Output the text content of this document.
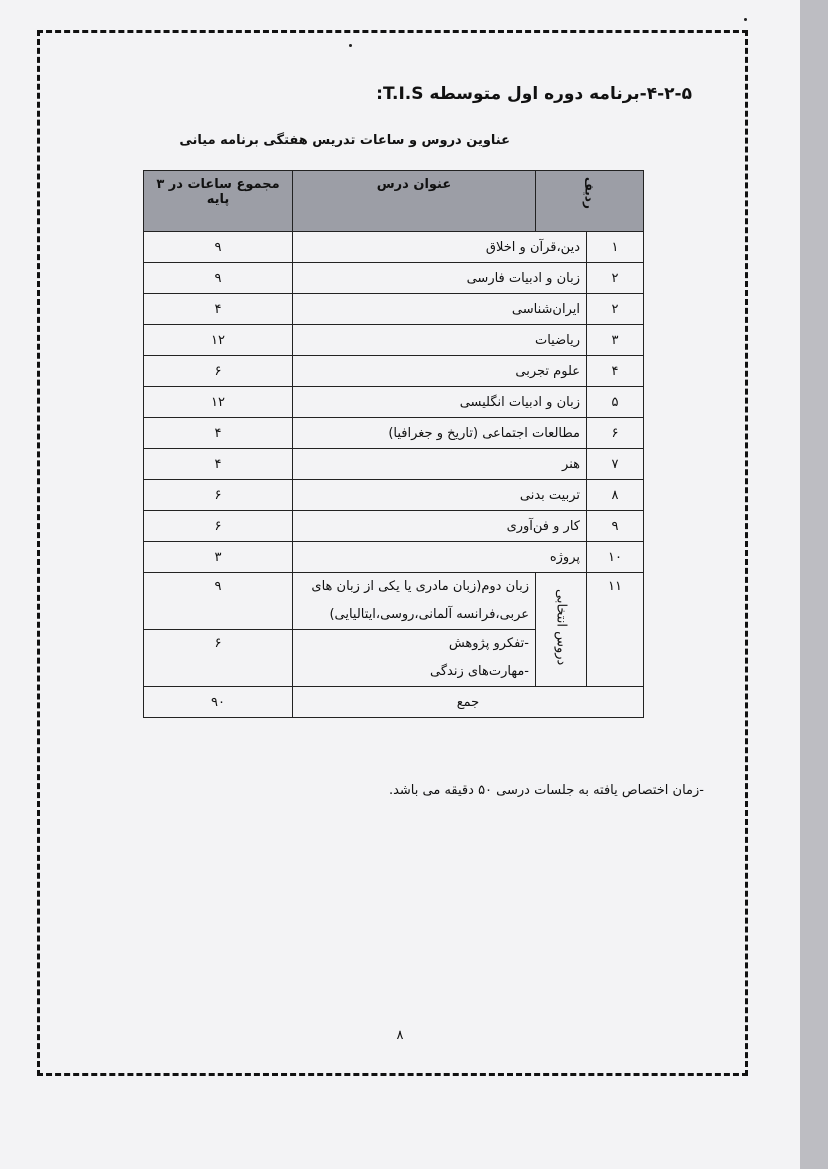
۴-۲-۵-برنامه دوره اول متوسطه T.I.S:
عناوین دروس و ساعات تدریس هفتگی برنامه میانی
ردیف		عنوان درس	مجموع ساعات در ۳ پایه
۱	دین،قرآن و اخلاق		۹
۲	زبان و ادبیات فارسی		۹
۲	ایران‌شناسی		۴
۳	ریاضیات		۱۲
۴	علوم تجربی		۶
۵	زبان و ادبیات انگلیسی		۱۲
۶	مطالعات اجتماعی (تاریخ و جغرافیا)		۴
۷	هنر		۴
۸	تربیت بدنی		۶
۹	کار و فن‌آوری		۶
۱۰	پروژه		۳
۱۱	دروس انتخابی	زبان دوم(زبان مادری یا یکی از زبان های
عربی،فرانسه آلمانی،روسی،ایتالیایی)	۹

		-تفکرو پژوهش
-مهارت‌های زندگی	۶
جمع			۹۰
-زمان اختصاص یافته به جلسات درسی ۵۰ دقیقه می باشد.
۸
